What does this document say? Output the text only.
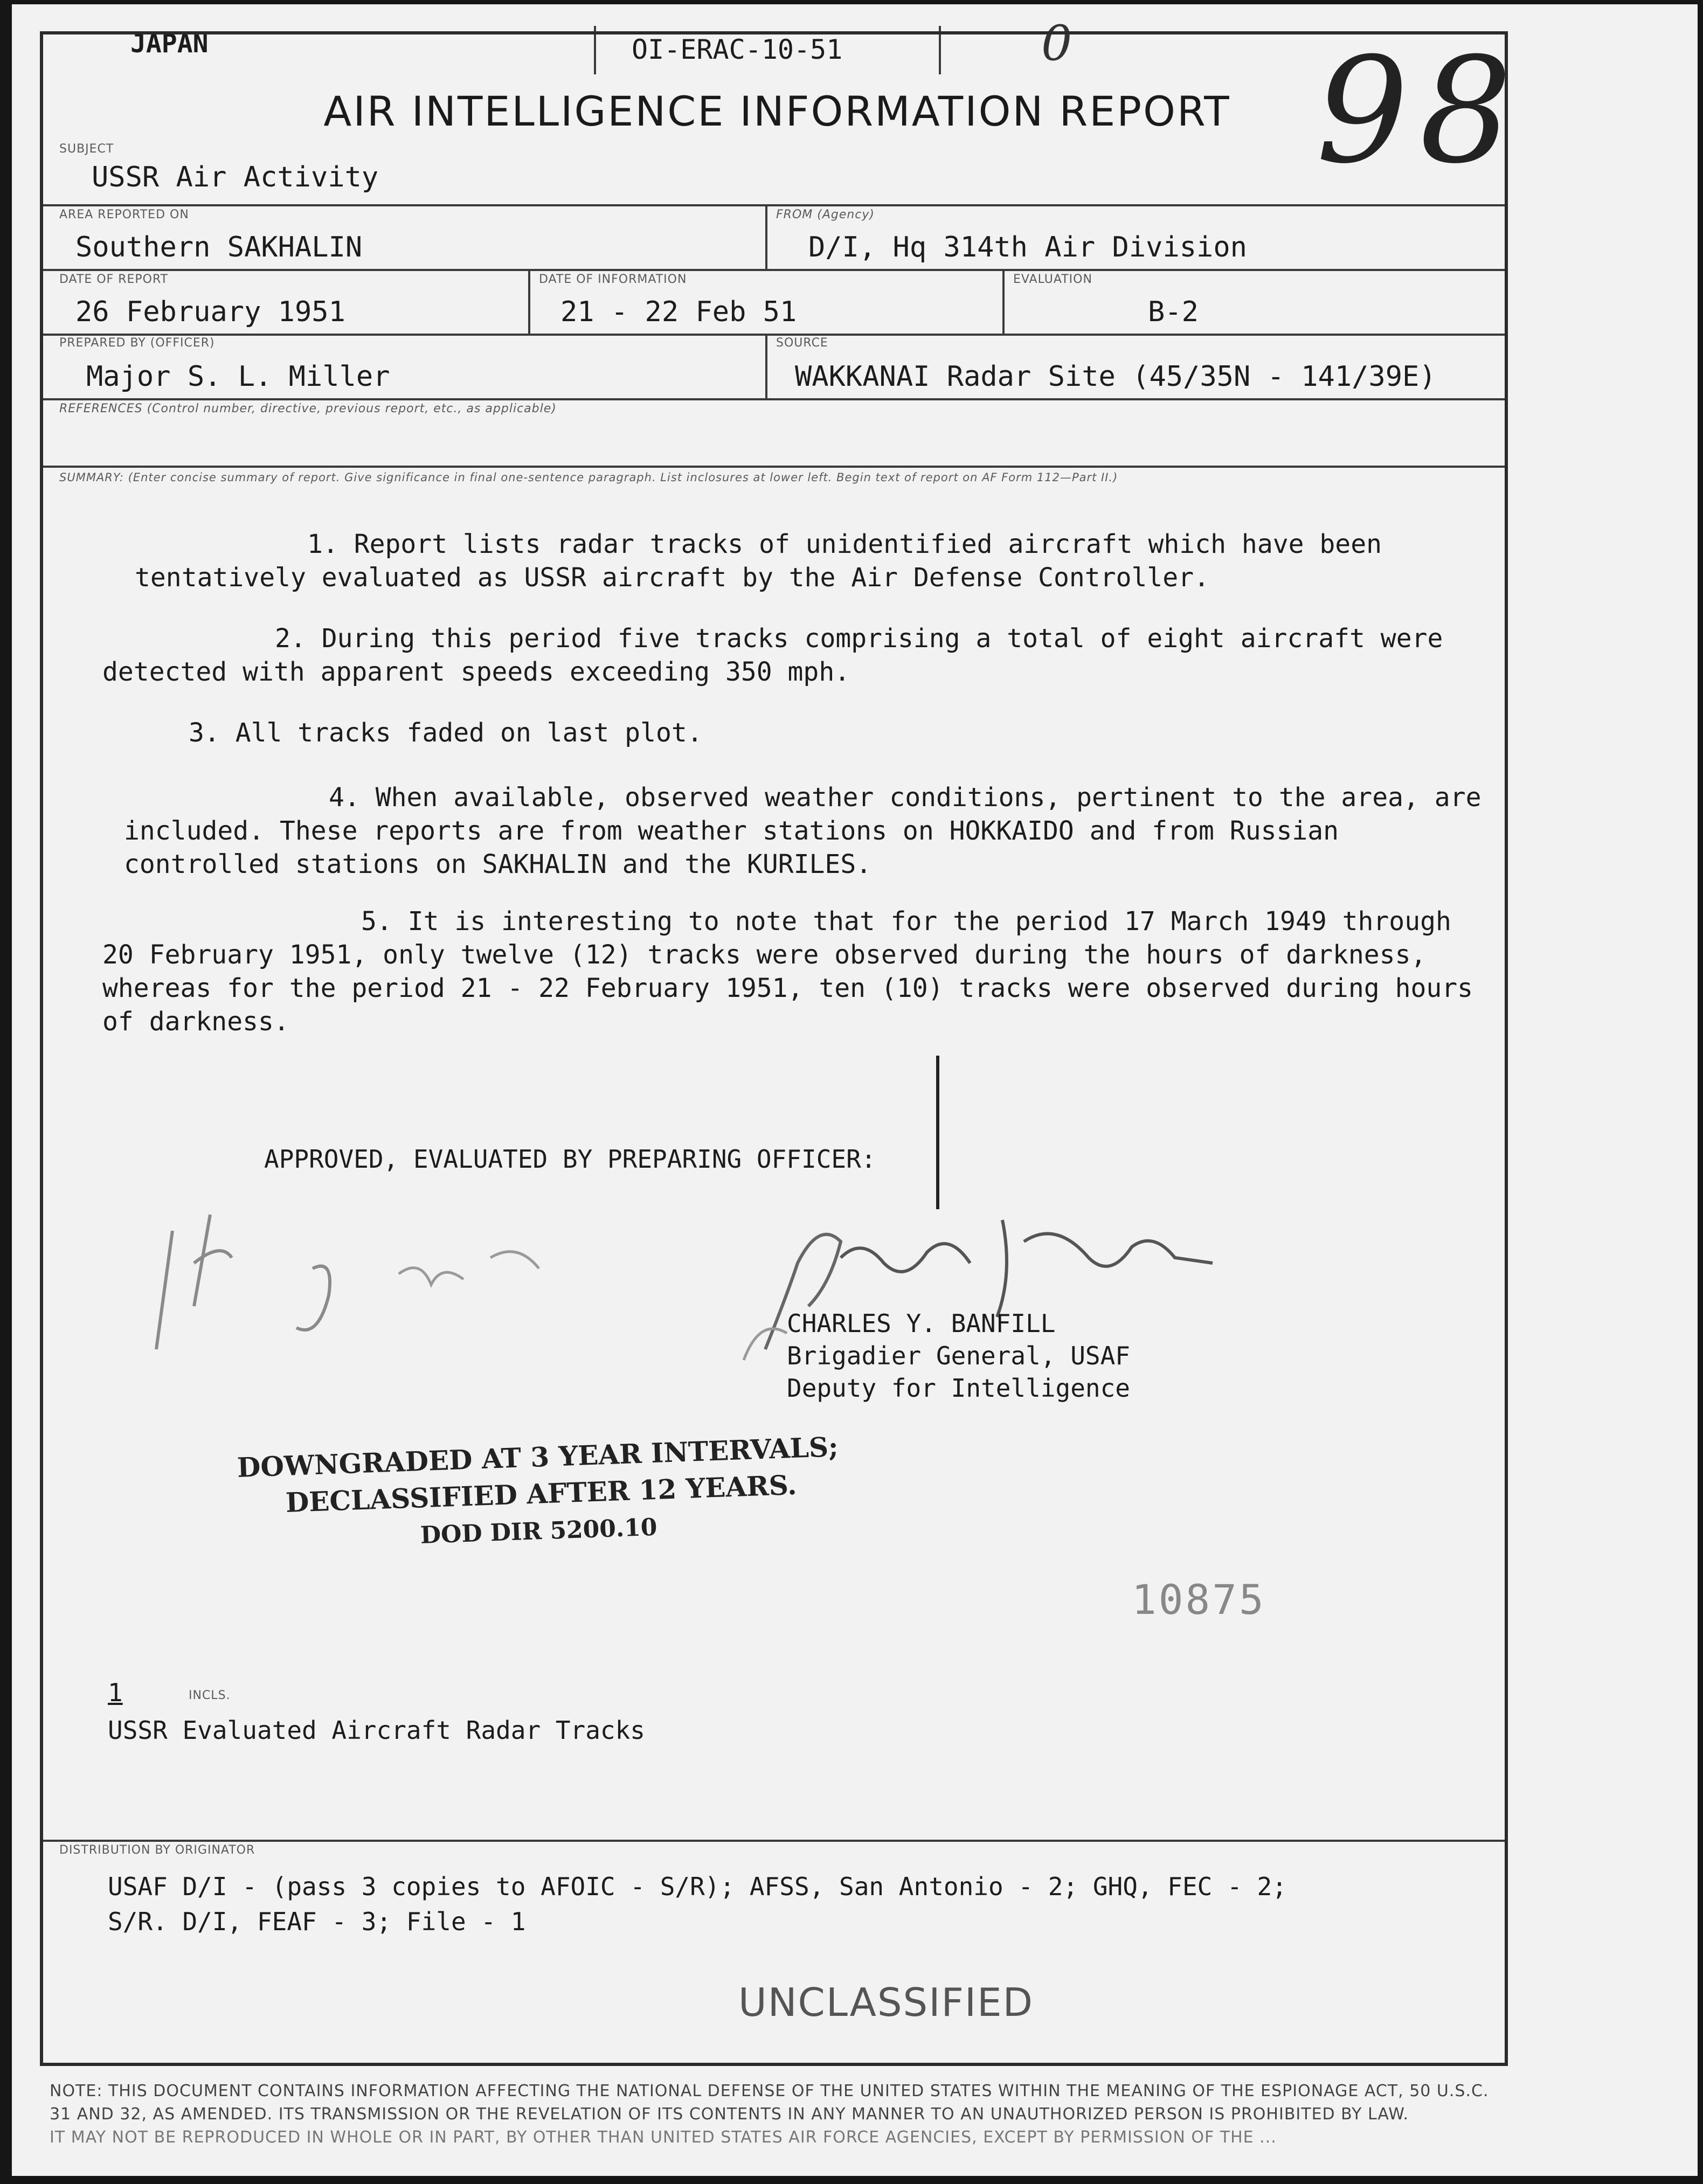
JAPAN	OI-ERAC-10-51	0 98
AIR INTELLIGENCE INFORMATION REPORT
SUBJECT
USSR Air Activity
AREA REPORTED ON
Southern SAKHALIN
FROM (Agency)
D/I, Hq 314th Air Division
DATE OF REPORT
26 February 1951
DATE OF INFORMATION
21 - 22 Feb 51
EVALUATION
B-2
PREPARED BY (OFFICER)
Major S. L. Miller
SOURCE
WAKKANAI Radar Site (45/35N - 141/39E)
REFERENCES (Control number, directive, previous report, etc., as applicable)
SUMMARY: (Enter concise summary of report. Give significance in final one-sentence paragraph. List inclosures at lower left. Begin text of report on AF Form 112—Part II.)

1. Report lists radar tracks of unidentified aircraft which have been tentatively evaluated as USSR aircraft by the Air Defense Controller.

2. During this period five tracks comprising a total of eight aircraft were detected with apparent speeds exceeding 350 mph.

3. All tracks faded on last plot.

4. When available, observed weather conditions, pertinent to the area, are included. These reports are from weather stations on HOKKAIDO and from Russian controlled stations on SAKHALIN and the KURILES.

5. It is interesting to note that for the period 17 March 1949 through 20 February 1951, only twelve (12) tracks were observed during the hours of darkness, whereas for the period 21 - 22 February 1951, ten (10) tracks were observed during hours of darkness.

APPROVED, EVALUATED BY PREPARING OFFICER:
CHARLES Y. BANFILL
Brigadier General, USAF
Deputy for Intelligence
DOWNGRADED AT 3 YEAR INTERVALS;
DECLASSIFIED AFTER 12 YEARS.
DOD DIR 5200.10
10875
1	INCLS.
USSR Evaluated Aircraft Radar Tracks
DISTRIBUTION BY ORIGINATOR
USAF D/I - (pass 3 copies to AFOIC - S/R); AFSS, San Antonio - 2; GHQ, FEC - 2;
S/R. D/I, FEAF - 3; File - 1
UNCLASSIFIED
NOTE: THIS DOCUMENT CONTAINS INFORMATION AFFECTING THE NATIONAL DEFENSE OF THE UNITED STATES WITHIN THE MEANING OF THE ESPIONAGE ACT, 50 U.S.C.
31 AND 32, AS AMENDED. ITS TRANSMISSION OR THE REVELATION OF ITS CONTENTS IN ANY MANNER TO AN UNAUTHORIZED PERSON IS PROHIBITED BY LAW.
IT MAY NOT BE REPRODUCED IN WHOLE OR IN PART, BY OTHER THAN UNITED STATES AIR FORCE AGENCIES, EXCEPT BY PERMISSION OF THE ...
